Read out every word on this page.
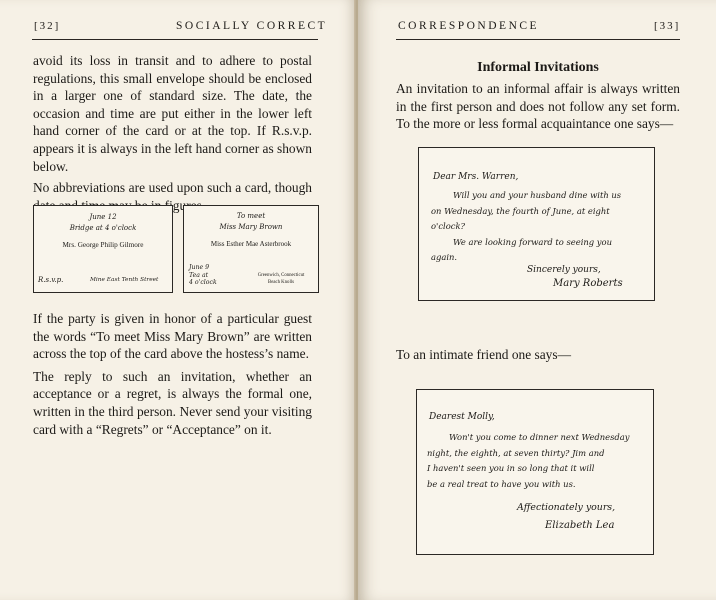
[32]	SOCIALLY CORRECT

avoid its loss in transit and to adhere to postal regulations, this small envelope should be enclosed in a larger one of standard size. The date, the occasion and time are put either in the lower left hand corner of the card or at the top. If R.s.v.p. appears it is always in the left hand corner as shown below.

No abbreviations are used upon such a card, though

June 12
Bridge at 4 o'clock
Mrs. George Philip Gilmore
R.s.v.p.	Mine East Tenth Street
To meet
Miss Mary Brown
Miss Esther Mae Asterbrook
June 9
Tea at
4 o'clock
Greenwich, Connecticut
Beach Knolls

If the party is given in honor of a particular guest the words “To meet Miss Mary Brown” are written across the top of the card above the hostess’s name.

The reply to such an invitation, whether an acceptance or a regret, is always the formal one, written in the third person. Never send your visiting card with a “Regrets” or “Acceptance” on it.

CORRESPONDENCE	[33]
Informal Invitations
An invitation to an informal affair is always written in the first person and does not follow any set form. To the more or less formal acquaintance one says—
Dear Mrs. Warren,
Will you and your husband dine with us
on Wednesday, the fourth of June, at eight
o'clock?
We are looking forward to seeing you
again.
Sincerely yours,
Mary Roberts
To an intimate friend one says—
Dearest Molly,
Won't you come to dinner next Wednesday
night, the eighth, at seven thirty? Jim and
I haven't seen you in so long that it will
be a real treat to have you with us.
Affectionately yours,
Elizabeth Lea
